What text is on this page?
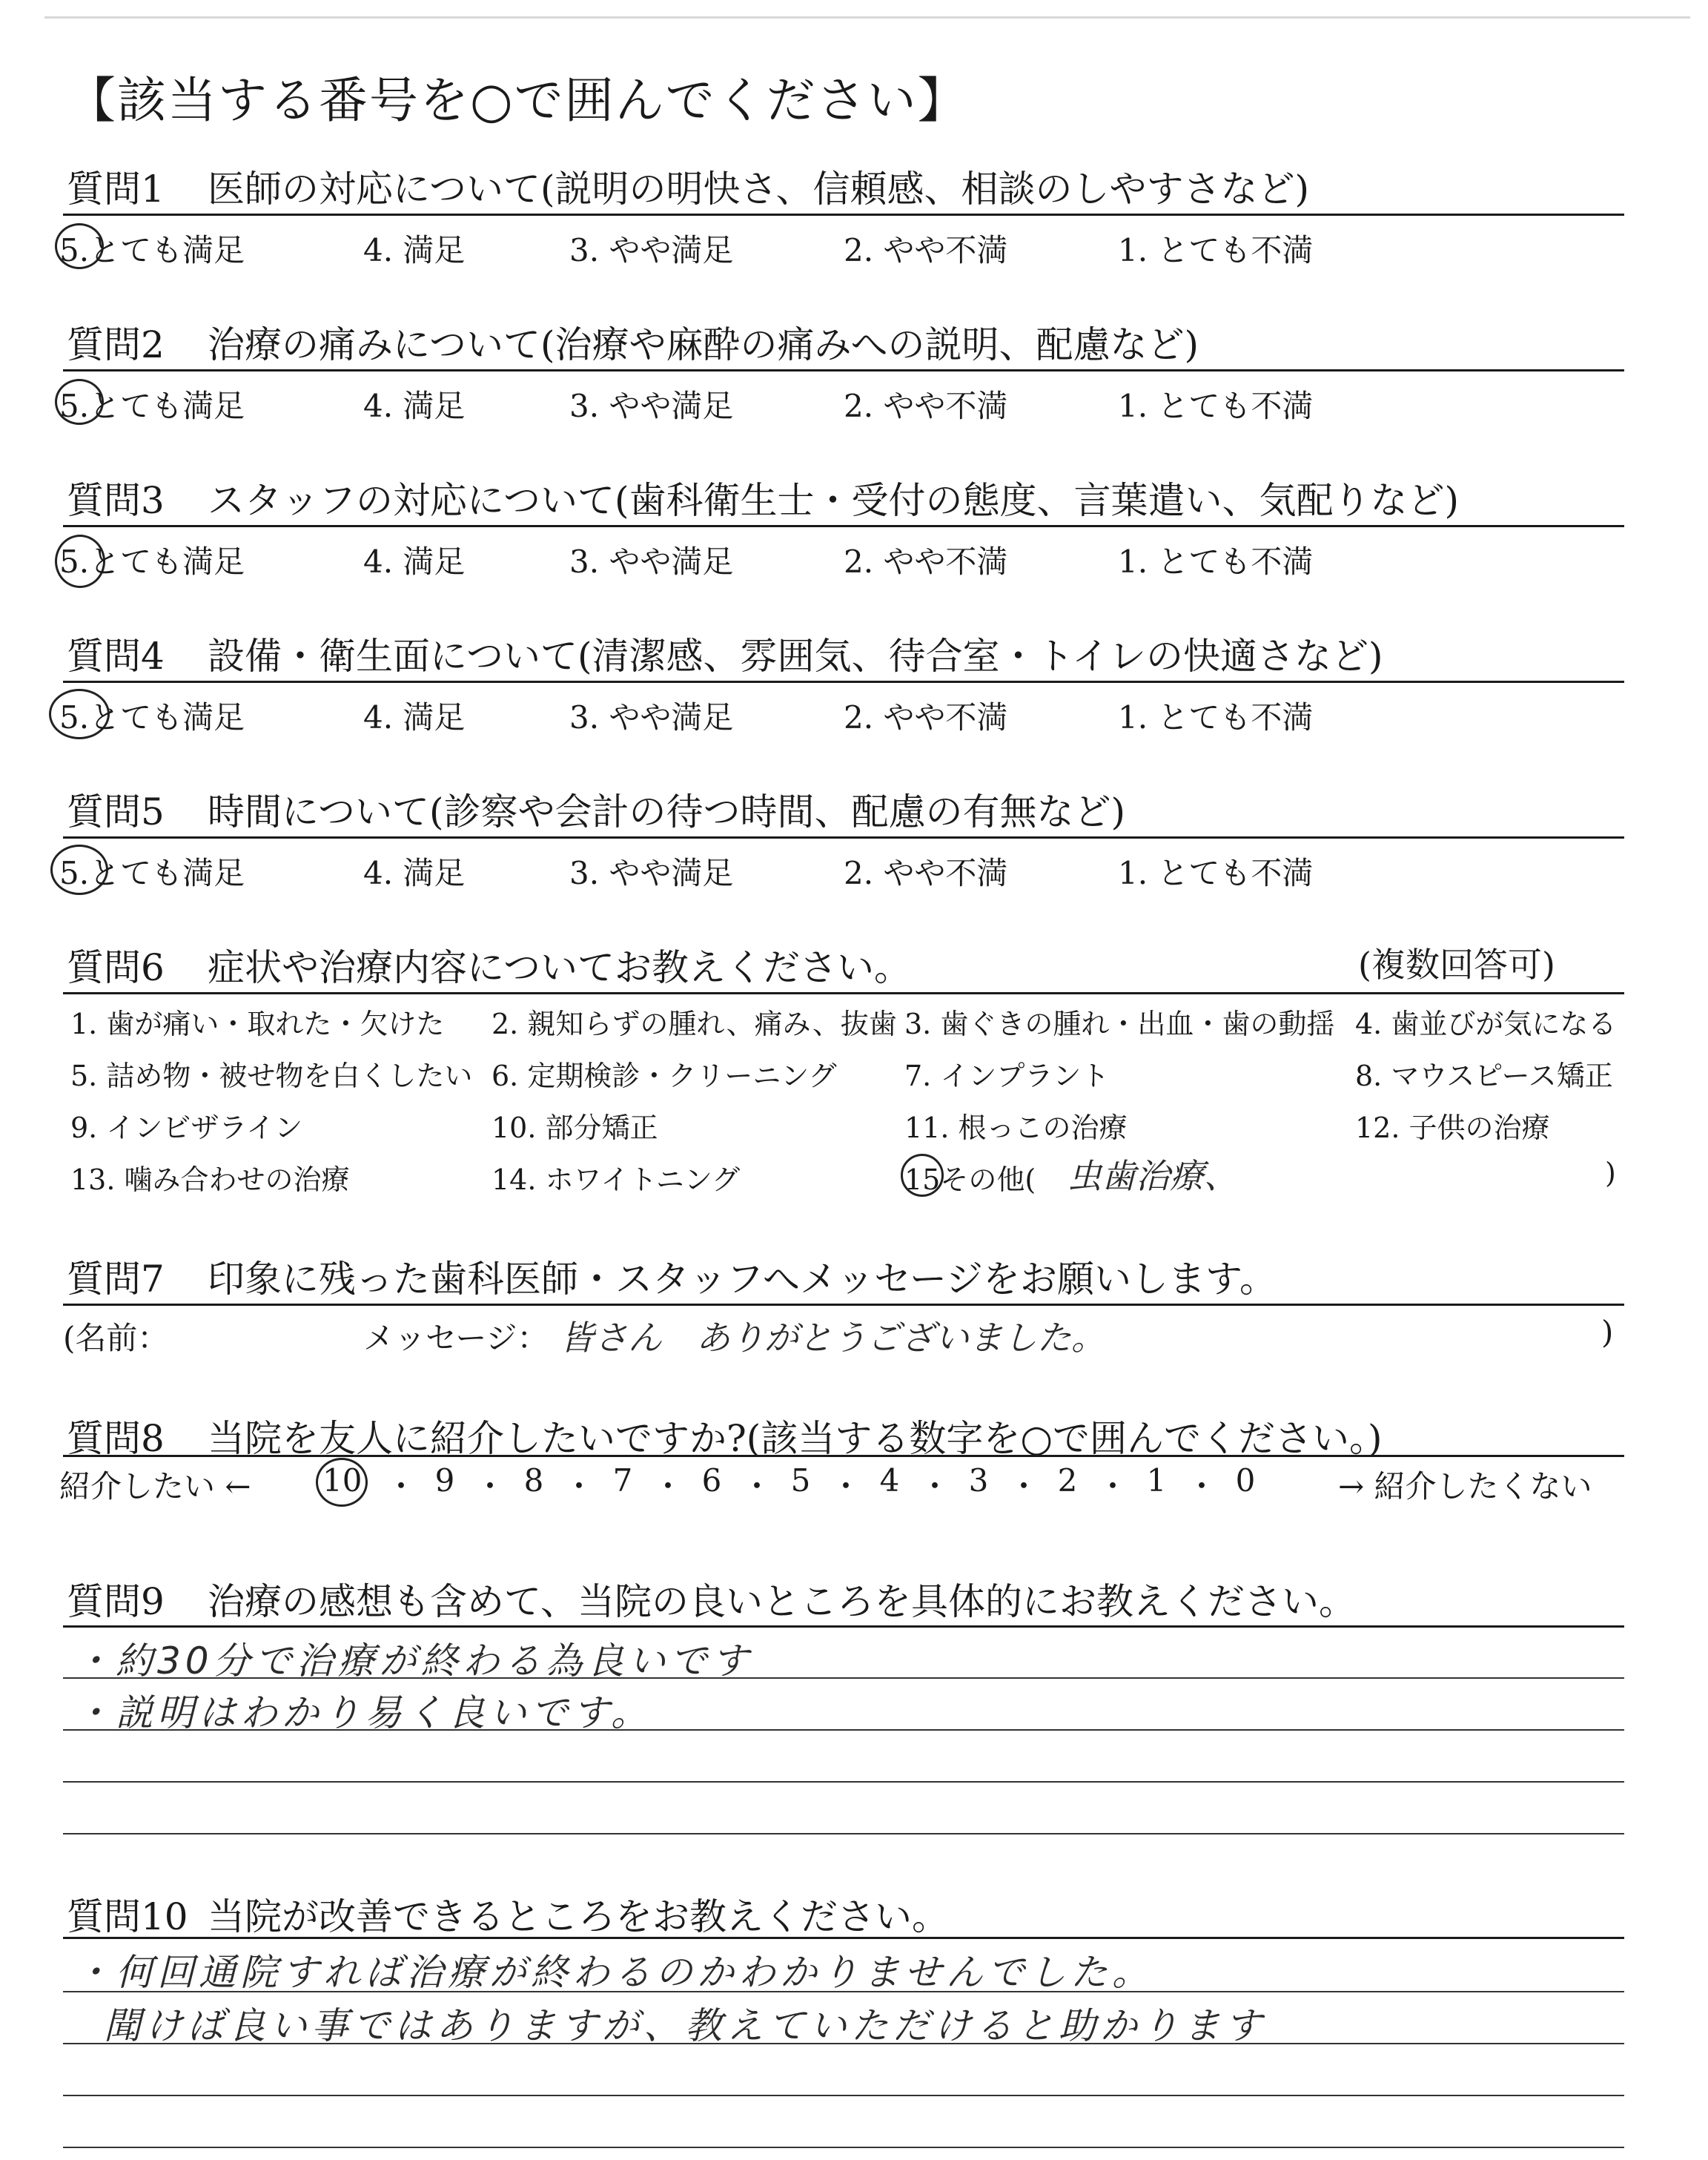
【該当する番号を○で囲んでください】
質問1 医師の対応について(説明の明快さ、信頼感、相談のしやすさなど)
5.とても満足	4. 満足	3. やや満足	2. やや不満	1. とても不満
質問2 治療の痛みについて(治療や麻酔の痛みへの説明、配慮など)
5.とても満足	4. 満足	3. やや満足	2. やや不満	1. とても不満
質問3 スタッフの対応について(歯科衛生士・受付の態度、言葉遣い、気配りなど)
5.とても満足	4. 満足	3. やや満足	2. やや不満	1. とても不満
質問4 設備・衛生面について(清潔感、雰囲気、待合室・トイレの快適さなど)
5.とても満足	4. 満足	3. やや満足	2. やや不満	1. とても不満
質問5 時間について(診察や会計の待つ時間、配慮の有無など)
5.とても満足	4. 満足	3. やや満足	2. やや不満	1. とても不満
質問6 症状や治療内容についてお教えください。	(複数回答可)
1. 歯が痛い・取れた・欠けた 2. 親知らずの腫れ、痛み、抜歯 3. 歯ぐきの腫れ・出血・歯の動揺 4. 歯並びが気になる
5. 詰め物・被せ物を白くしたい 6. 定期検診・クリーニング 7. インプラント	8. マウスピース矯正
9. インビザライン	10. 部分矯正	11. 根っこの治療	12. 子供の治療
13. 噛み合わせの治療	14. ホワイトニング	15その他( 虫歯治療、	)
質問7 印象に残った歯科医師・スタッフへメッセージをお願いします。
(名前：	メッセージ： 皆さん　ありがとうございました。	)
質問8 当院を友人に紹介したいですか?(該当する数字を○で囲んでください。)
紹介したい ← 10 ・ 9 ・ 8 ・ 7 ・ 6 ・ 5 ・ 4 ・ 3 ・ 2 ・ 1 ・ 0	→ 紹介したくない
質問9 治療の感想も含めて、当院の良いところを具体的にお教えください。
・約30分で治療が終わる為良いです
・説明はわかり易く良いです。
質問10 当院が改善できるところをお教えください。
・何回通院すれば治療が終わるのかわかりませんでした。
聞けば良い事ではありますが、教えていただけると助かります
